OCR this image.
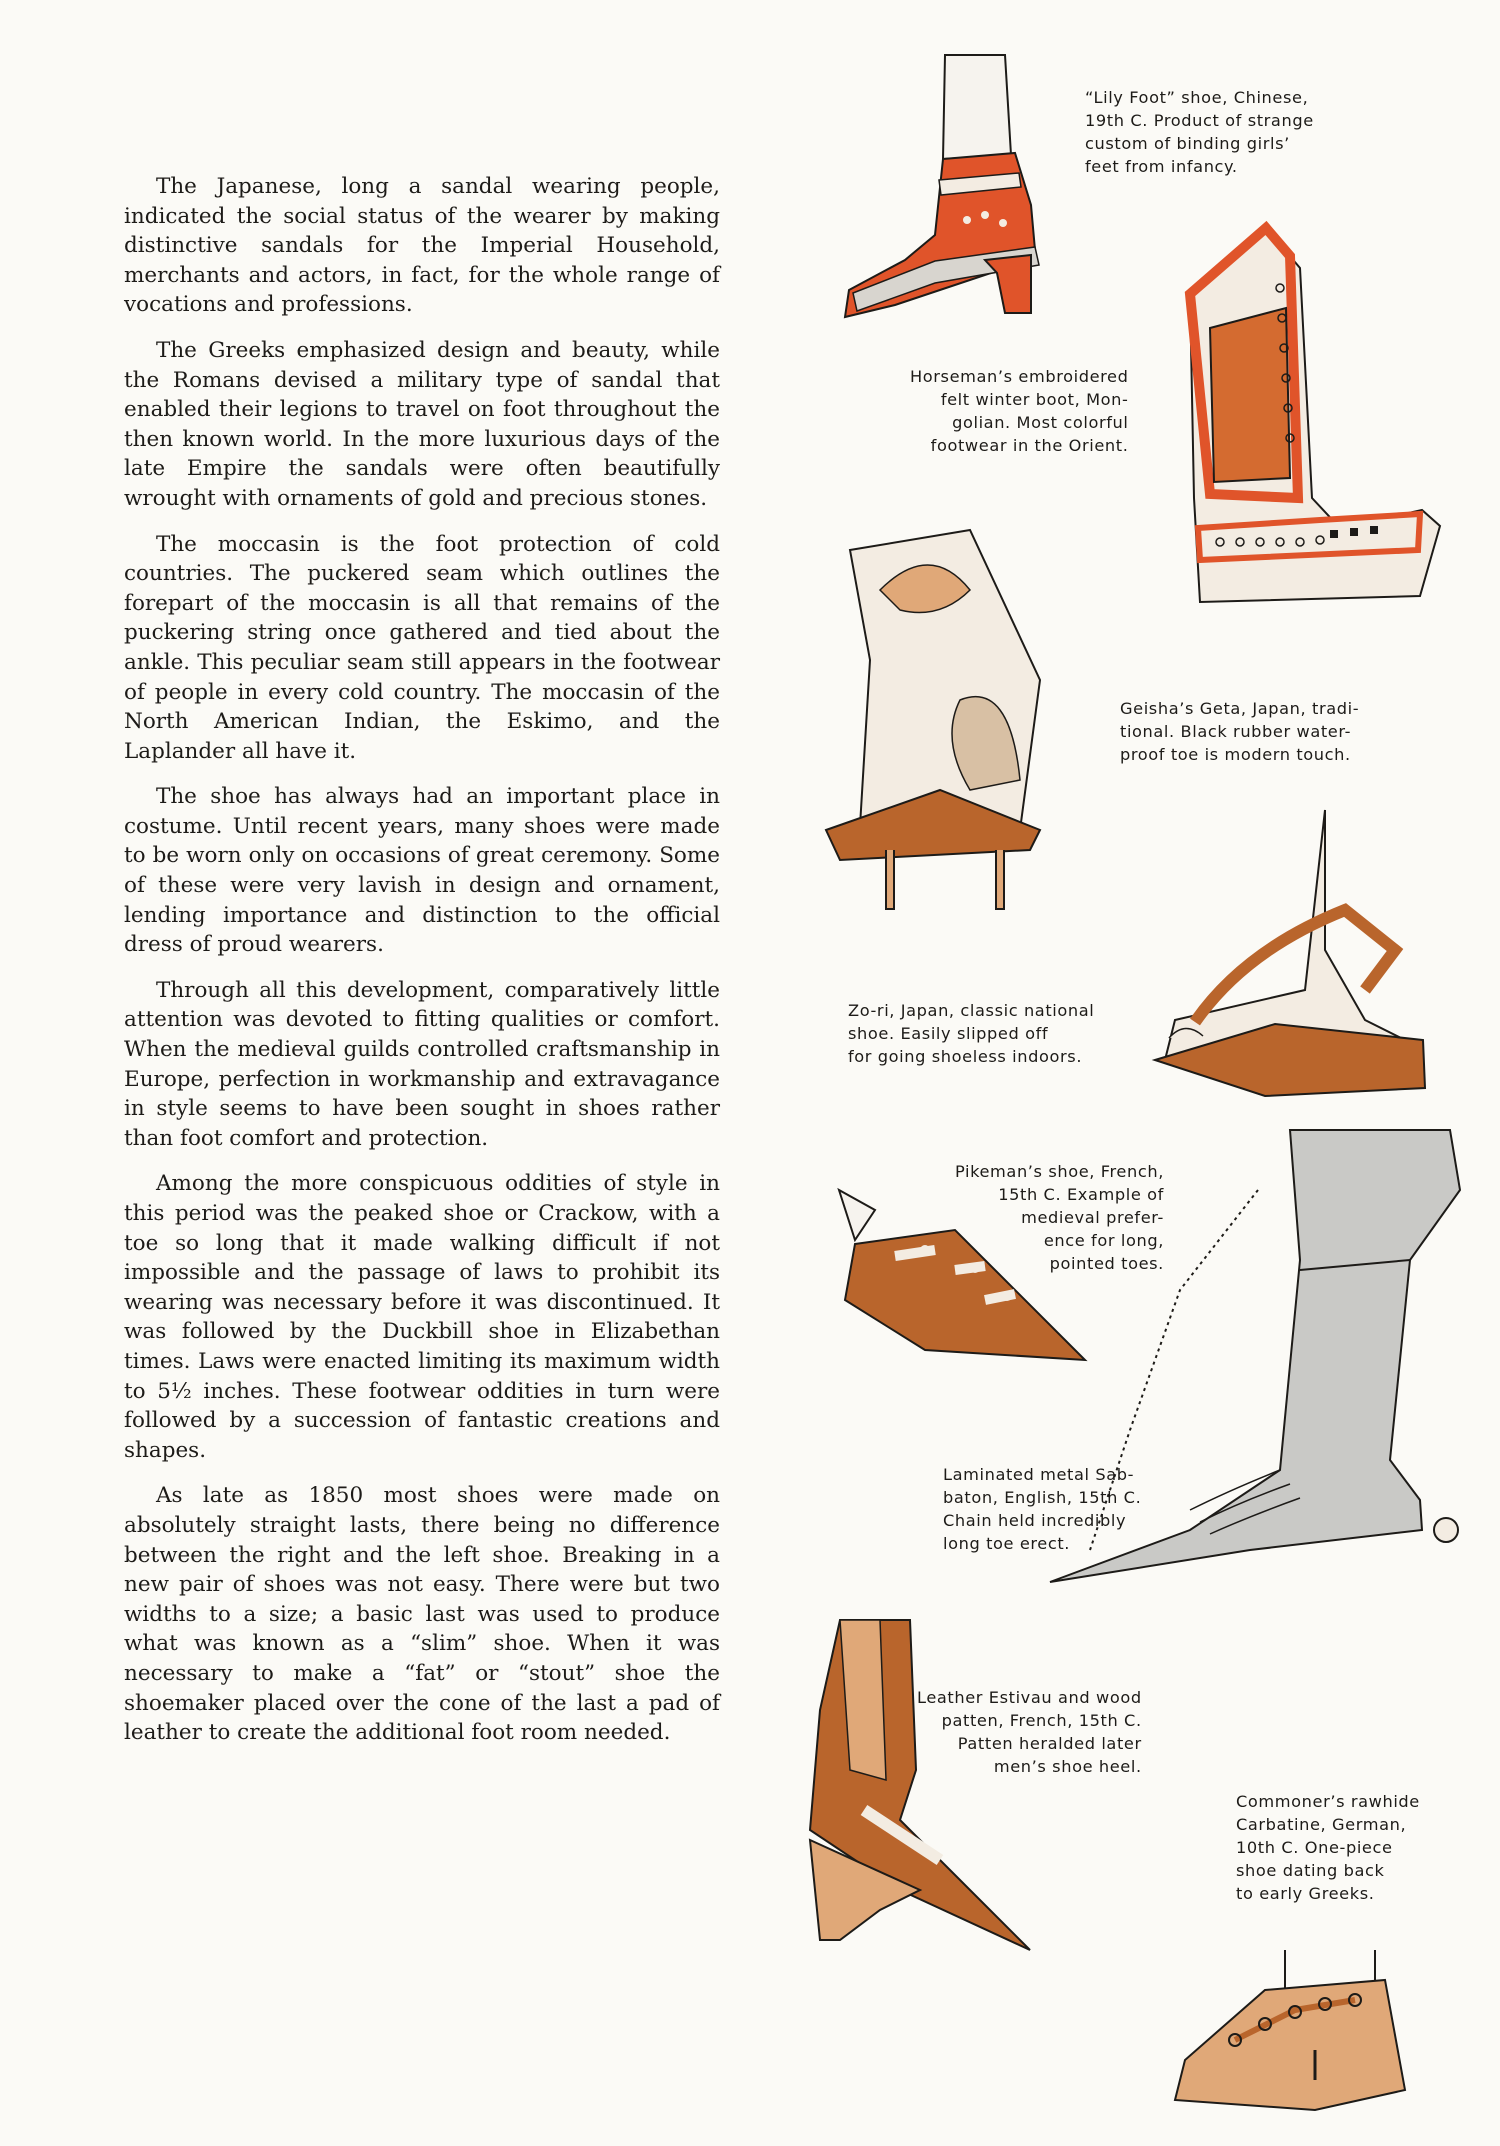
The Japanese, long a sandal wearing people, indicated the social status of the wearer by making distinctive sandals for the Imperial Household, merchants and actors, in fact, for the whole range of vocations and professions.

The Greeks emphasized design and beauty, while the Romans devised a military type of sandal that enabled their legions to travel on foot throughout the then known world. In the more luxurious days of the late Empire the sandals were often beautifully wrought with ornaments of gold and precious stones.

The moccasin is the foot protection of cold countries. The puckered seam which outlines the forepart of the moccasin is all that remains of the puckering string once gathered and tied about the ankle. This peculiar seam still appears in the footwear of people in every cold country. The moccasin of the North American Indian, the Eskimo, and the Laplander all have it.

The shoe has always had an important place in costume. Until recent years, many shoes were made to be worn only on occasions of great ceremony. Some of these were very lavish in design and ornament, lending importance and distinction to the official dress of proud wearers.

Through all this development, comparatively little attention was devoted to fitting qualities or comfort. When the medieval guilds controlled craftsmanship in Europe, perfection in workmanship and extravagance in style seems to have been sought in shoes rather than foot comfort and protection.

Among the more conspicuous oddities of style in this period was the peaked shoe or Crackow, with a toe so long that it made walking difficult if not impossible and the passage of laws to prohibit its wearing was necessary before it was discontinued. It was followed by the Duckbill shoe in Elizabethan times. Laws were enacted limiting its maximum width to 5½ inches. These footwear oddities in turn were followed by a succession of fantastic creations and shapes.

As late as 1850 most shoes were made on absolutely straight lasts, there being no difference between the right and the left shoe. Breaking in a new pair of shoes was not easy. There were but two widths to a size; a basic last was used to produce what was known as a “slim” shoe. When it was necessary to make a “fat” or “stout” shoe the shoemaker placed over the cone of the last a pad of leather to create the additional foot room needed.

“Lily Foot” shoe, Chinese,
19th C. Product of strange
custom of binding girls’
feet from infancy.
Horseman’s embroidered
felt winter boot, Mon-
golian. Most colorful
footwear in the Orient.
Geisha’s Geta, Japan, tradi-
tional. Black rubber water-
proof toe is modern touch.
Zo-ri, Japan, classic national
shoe. Easily slipped off
for going shoeless indoors.
Pikeman’s shoe, French,
15th C. Example of
medieval prefer-
ence for long,
pointed toes.
Laminated metal Sab-
baton, English, 15th C.
Chain held incredibly
long toe erect.
Leather Estivau and wood
patten, French, 15th C.
Patten heralded later
men’s shoe heel.
Commoner’s rawhide
Carbatine, German,
10th C. One-piece
shoe dating back
to early Greeks.
